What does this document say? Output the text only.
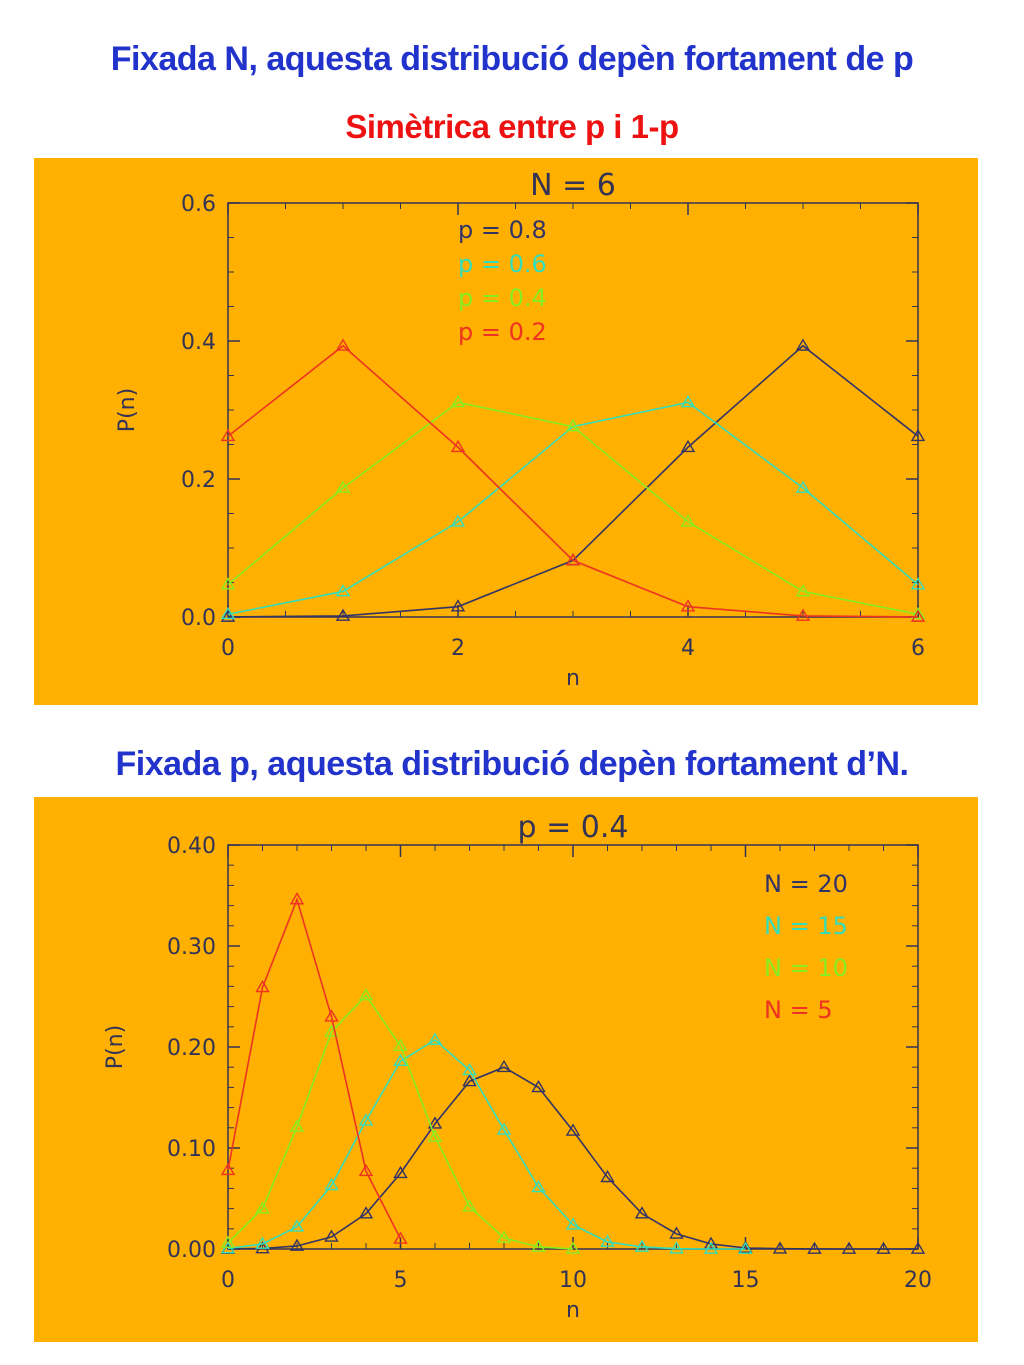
Fixada N, aquesta distribució depèn fortament de p
Simètrica entre p i 1-p
0	2	4	6
0.0
0.2
0.4
0.6
N = 6
n
P(n)
p = 0.8
p = 0.6
p = 0.4
p = 0.2
Fixada p, aquesta distribució depèn fortament d’N.
0	5	10	15	20
0.00
0.10
0.20
0.30
0.40
p = 0.4
n
P(n)
N = 20
N = 15
N = 10
N = 5
